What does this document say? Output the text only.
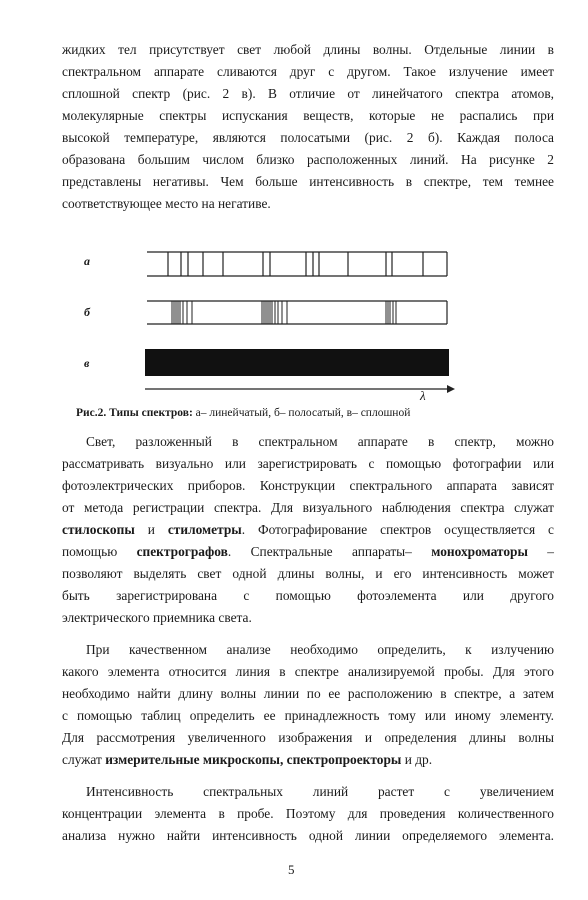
жидких тел присутствует свет любой длины волны. Отдельные линии в
спектральном аппарате сливаются друг с другом. Такое излучение имеет
сплошной спектр (рис. 2 в). В отличие от линейчатого спектра атомов,
молекулярные спектры испускания веществ, которые не распались при
высокой температуре, являются полосатыми (рис. 2 б). Каждая полоса
образована большим числом близко расположенных линий. На рисунке 2
представлены негативы. Чем больше интенсивность в спектре, тем темнее
соответствующее место на негативе.
а
б
в
λ
Рис.2. Типы спектров: а– линейчатый, б– полосатый, в– сплошной
Свет, разложенный в спектральном аппарате в спектр, можно
рассматривать визуально или зарегистрировать с помощью фотографии или
фотоэлектрических приборов. Конструкции спектрального аппарата зависят
от метода регистрации спектра. Для визуального наблюдения спектра служат
стилоскопы и стилометры. Фотографирование спектров осуществляется с
помощью спектрографов. Спектральные аппараты– монохроматоры –
позволяют выделять свет одной длины волны, и его интенсивность может
быть зарегистрирована с помощью фотоэлемента или другого
электрического приемника света.
При качественном анализе необходимо определить, к излучению
какого элемента относится линия в спектре анализируемой пробы. Для этого
необходимо найти длину волны линии по ее расположению в спектре, а затем
с помощью таблиц определить ее принадлежность тому или иному элементу.
Для рассмотрения увеличенного изображения и определения длины волны
служат измерительные микроскопы, спектропроекторы и др.
Интенсивность спектральных линий растет с увеличением
концентрации элемента в пробе. Поэтому для проведения количественного
анализа нужно найти интенсивность одной линии определяемого элемента.
5
